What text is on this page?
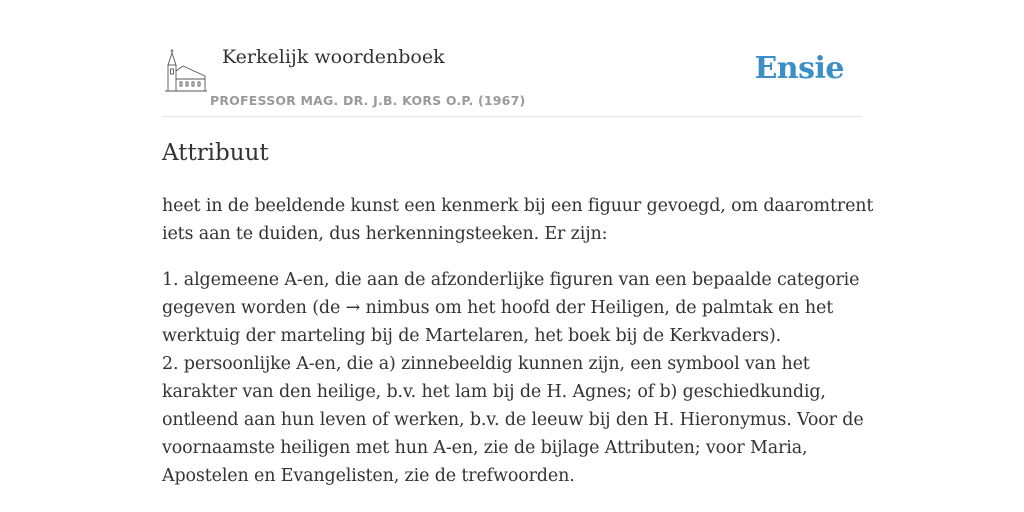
Kerkelijk woordenboek
PROFESSOR MAG. DR. J.B. KORS O.P. (1967)
Ensie
Attribuut

heet in de beeldende kunst een kenmerk bij een figuur gevoegd, om daaromtrent
iets aan te duiden, dus herkenningsteeken. Er zijn:

1. algemeene A-en, die aan de afzonderlijke figuren van een bepaalde categorie
gegeven worden (de → nimbus om het hoofd der Heiligen, de palmtak en het
werktuig der marteling bij de Martelaren, het boek bij de Kerkvaders).
2. persoonlijke A-en, die a) zinnebeeldig kunnen zijn, een symbool van het
karakter van den heilige, b.v. het lam bij de H. Agnes; of b) geschiedkundig,
ontleend aan hun leven of werken, b.v. de leeuw bij den H. Hieronymus. Voor de
voornaamste heiligen met hun A-en, zie de bijlage Attributen; voor Maria,
Apostelen en Evangelisten, zie de trefwoorden.
